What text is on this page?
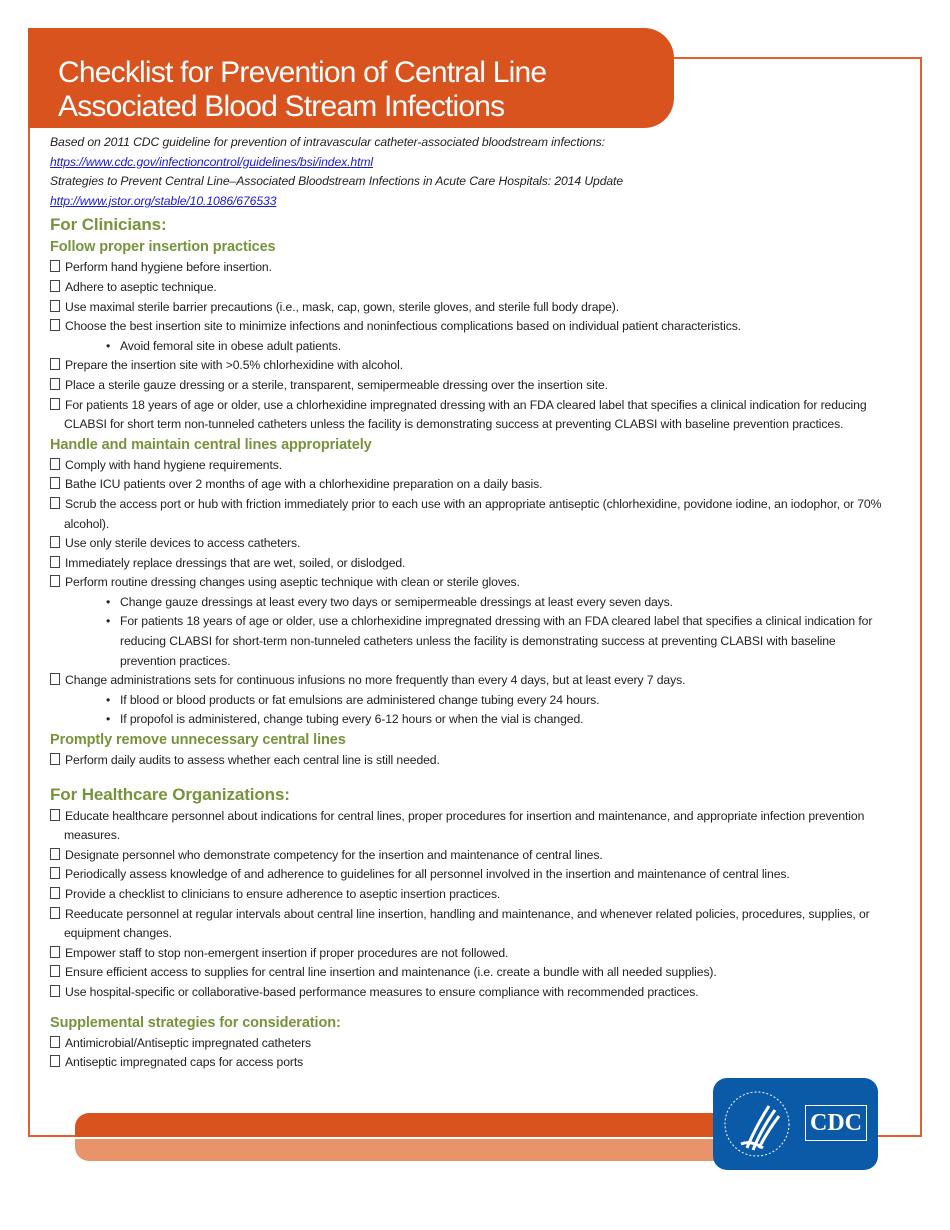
Checklist for Prevention of Central Line
Associated Blood Stream Infections
Based on 2011 CDC guideline for prevention of intravascular catheter-associated bloodstream infections:
https://www.cdc.gov/infectioncontrol/guidelines/bsi/index.html
Strategies to Prevent Central Line–Associated Bloodstream Infections in Acute Care Hospitals: 2014 Update
http://www.jstor.org/stable/10.1086/676533
For Clinicians:
Follow proper insertion practices
Perform hand hygiene before insertion.
Adhere to aseptic technique.
Use maximal sterile barrier precautions (i.e., mask, cap, gown, sterile gloves, and sterile full body drape).
Choose the best insertion site to minimize infections and noninfectious complications based on individual patient characteristics.
• Avoid femoral site in obese adult patients.
Prepare the insertion site with >0.5% chlorhexidine with alcohol.
Place a sterile gauze dressing or a sterile, transparent, semipermeable dressing over the insertion site.
For patients 18 years of age or older, use a chlorhexidine impregnated dressing with an FDA cleared label that specifies a clinical indication for reducing CLABSI for short term non-tunneled catheters unless the facility is demonstrating success at preventing CLABSI with baseline prevention practices.
Handle and maintain central lines appropriately
Comply with hand hygiene requirements.
Bathe ICU patients over 2 months of age with a chlorhexidine preparation on a daily basis.
Scrub the access port or hub with friction immediately prior to each use with an appropriate antiseptic (chlorhexidine, povidone iodine, an iodophor, or 70% alcohol).
Use only sterile devices to access catheters.
Immediately replace dressings that are wet, soiled, or dislodged.
Perform routine dressing changes using aseptic technique with clean or sterile gloves.
• Change gauze dressings at least every two days or semipermeable dressings at least every seven days.
• For patients 18 years of age or older, use a chlorhexidine impregnated dressing with an FDA cleared label that specifies a clinical indication for reducing CLABSI for short-term non-tunneled catheters unless the facility is demonstrating success at preventing CLABSI with baseline prevention practices.
Change administrations sets for continuous infusions no more frequently than every 4 days, but at least every 7 days.
• If blood or blood products or fat emulsions are administered change tubing every 24 hours.
• If propofol is administered, change tubing every 6-12 hours or when the vial is changed.
Promptly remove unnecessary central lines
Perform daily audits to assess whether each central line is still needed.
For Healthcare Organizations:
Educate healthcare personnel about indications for central lines, proper procedures for insertion and maintenance, and appropriate infection prevention measures.
Designate personnel who demonstrate competency for the insertion and maintenance of central lines.
Periodically assess knowledge of and adherence to guidelines for all personnel involved in the insertion and maintenance of central lines.
Provide a checklist to clinicians to ensure adherence to aseptic insertion practices.
Reeducate personnel at regular intervals about central line insertion, handling and maintenance, and whenever related policies, procedures, supplies, or equipment changes.
Empower staff to stop non-emergent insertion if proper procedures are not followed.
Ensure efficient access to supplies for central line insertion and maintenance (i.e. create a bundle with all needed supplies).
Use hospital-specific or collaborative-based performance measures to ensure compliance with recommended practices.
Supplemental strategies for consideration:
Antimicrobial/Antiseptic impregnated catheters
Antiseptic impregnated caps for access ports
CDC
